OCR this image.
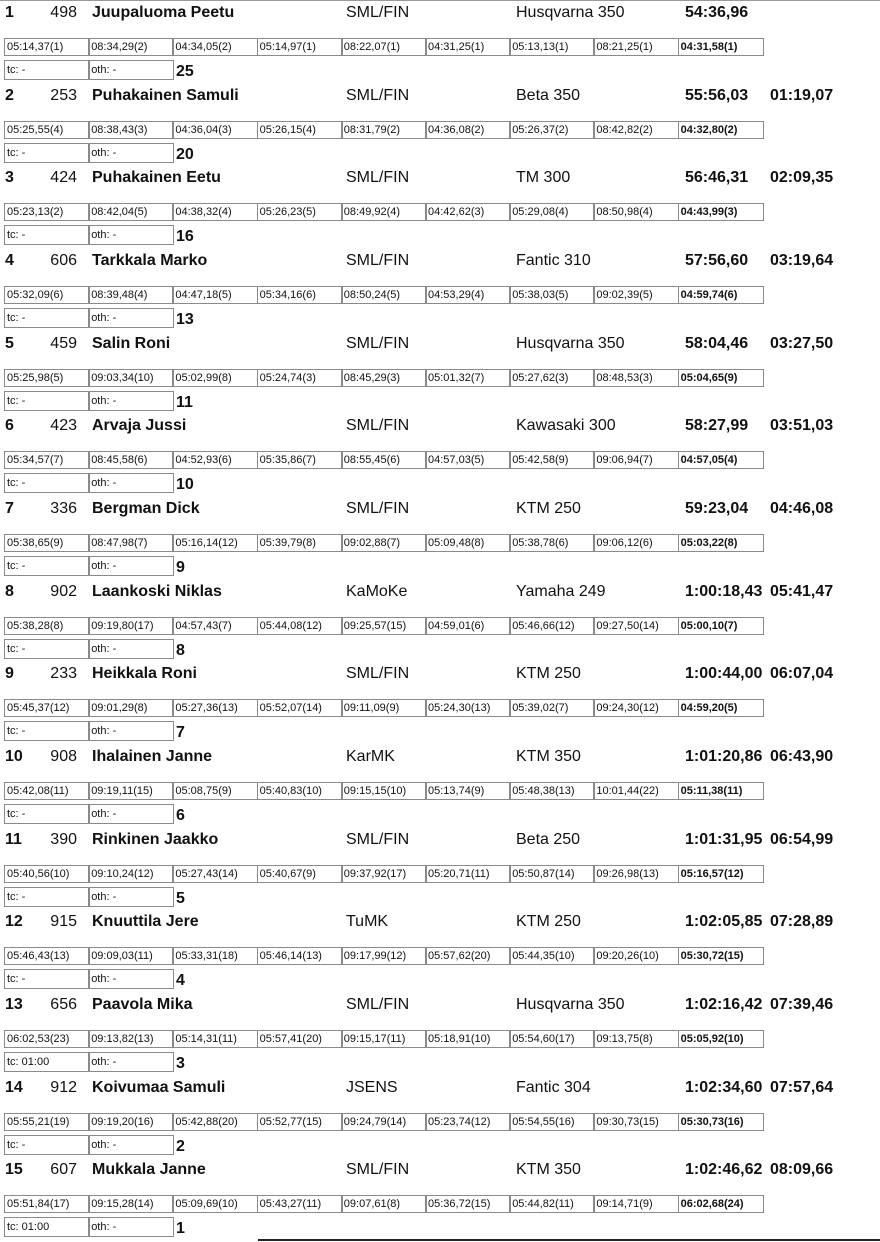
1	498 Juupaluoma Peetu	SML/FIN	Husqvarna 350	54:36,96
05:14,37(1)	08:34,29(2)	04:34,05(2)	05:14,97(1)	08:22,07(1)	04:31,25(1)	05:13,13(1)	08:21,25(1)	04:31,58(1)
tc: -	oth: -	25
2	253 Puhakainen Samuli	SML/FIN	Beta 350	55:56,03 01:19,07
05:25,55(4)	08:38,43(3)	04:36,04(3)	05:26,15(4)	08:31,79(2)	04:36,08(2)	05:26,37(2)	08:42,82(2)	04:32,80(2)
tc: -	oth: -	20
3	424 Puhakainen Eetu	SML/FIN	TM 300	56:46,31 02:09,35
05:23,13(2)	08:42,04(5)	04:38,32(4)	05:26,23(5)	08:49,92(4)	04:42,62(3)	05:29,08(4)	08:50,98(4)	04:43,99(3)
tc: -	oth: -	16
4	606 Tarkkala Marko	SML/FIN	Fantic 310	57:56,60 03:19,64
05:32,09(6)	08:39,48(4)	04:47,18(5)	05:34,16(6)	08:50,24(5)	04:53,29(4)	05:38,03(5)	09:02,39(5)	04:59,74(6)
tc: -	oth: -	13
5	459 Salin Roni	SML/FIN	Husqvarna 350	58:04,46 03:27,50
05:25,98(5)	09:03,34(10)	05:02,99(8)	05:24,74(3)	08:45,29(3)	05:01,32(7)	05:27,62(3)	08:48,53(3)	05:04,65(9)
tc: -	oth: -	11
6	423 Arvaja Jussi	SML/FIN	Kawasaki 300	58:27,99 03:51,03
05:34,57(7)	08:45,58(6)	04:52,93(6)	05:35,86(7)	08:55,45(6)	04:57,03(5)	05:42,58(9)	09:06,94(7)	04:57,05(4)
tc: -	oth: -	10
7	336 Bergman Dick	SML/FIN	KTM 250	59:23,04 04:46,08
05:38,65(9)	08:47,98(7)	05:16,14(12)	05:39,79(8)	09:02,88(7)	05:09,48(8)	05:38,78(6)	09:06,12(6)	05:03,22(8)
tc: -	oth: -	9
8	902 Laankoski Niklas	KaMoKe	Yamaha 249	1:00:18,43 05:41,47
05:38,28(8)	09:19,80(17)	04:57,43(7)	05:44,08(12)	09:25,57(15)	04:59,01(6)	05:46,66(12)	09:27,50(14)	05:00,10(7)
tc: -	oth: -	8
9	233 Heikkala Roni	SML/FIN	KTM 250	1:00:44,00 06:07,04
05:45,37(12)	09:01,29(8)	05:27,36(13)	05:52,07(14)	09:11,09(9)	05:24,30(13)	05:39,02(7)	09:24,30(12)	04:59,20(5)
tc: -	oth: -	7
10	908 Ihalainen Janne	KarMK	KTM 350	1:01:20,86 06:43,90
05:42,08(11)	09:19,11(15)	05:08,75(9)	05:40,83(10)	09:15,15(10)	05:13,74(9)	05:48,38(13)	10:01,44(22)	05:11,38(11)
tc: -	oth: -	6
11	390 Rinkinen Jaakko	SML/FIN	Beta 250	1:01:31,95 06:54,99
05:40,56(10)	09:10,24(12)	05:27,43(14)	05:40,67(9)	09:37,92(17)	05:20,71(11)	05:50,87(14)	09:26,98(13)	05:16,57(12)
tc: -	oth: -	5
12	915 Knuuttila Jere	TuMK	KTM 250	1:02:05,85 07:28,89
05:46,43(13)	09:09,03(11)	05:33,31(18)	05:46,14(13)	09:17,99(12)	05:57,62(20)	05:44,35(10)	09:20,26(10)	05:30,72(15)
tc: -	oth: -	4
13	656 Paavola Mika	SML/FIN	Husqvarna 350	1:02:16,42 07:39,46
06:02,53(23)	09:13,82(13)	05:14,31(11)	05:57,41(20)	09:15,17(11)	05:18,91(10)	05:54,60(17)	09:13,75(8)	05:05,92(10)
tc: 01:00	oth: -	3
14	912 Koivumaa Samuli	JSENS	Fantic 304	1:02:34,60 07:57,64
05:55,21(19)	09:19,20(16)	05:42,88(20)	05:52,77(15)	09:24,79(14)	05:23,74(12)	05:54,55(16)	09:30,73(15)	05:30,73(16)
tc: -	oth: -	2
15	607 Mukkala Janne	SML/FIN	KTM 350	1:02:46,62 08:09,66
05:51,84(17)	09:15,28(14)	05:09,69(10)	05:43,27(11)	09:07,61(8)	05:36,72(15)	05:44,82(11)	09:14,71(9)	06:02,68(24)
tc: 01:00	oth: -	1
